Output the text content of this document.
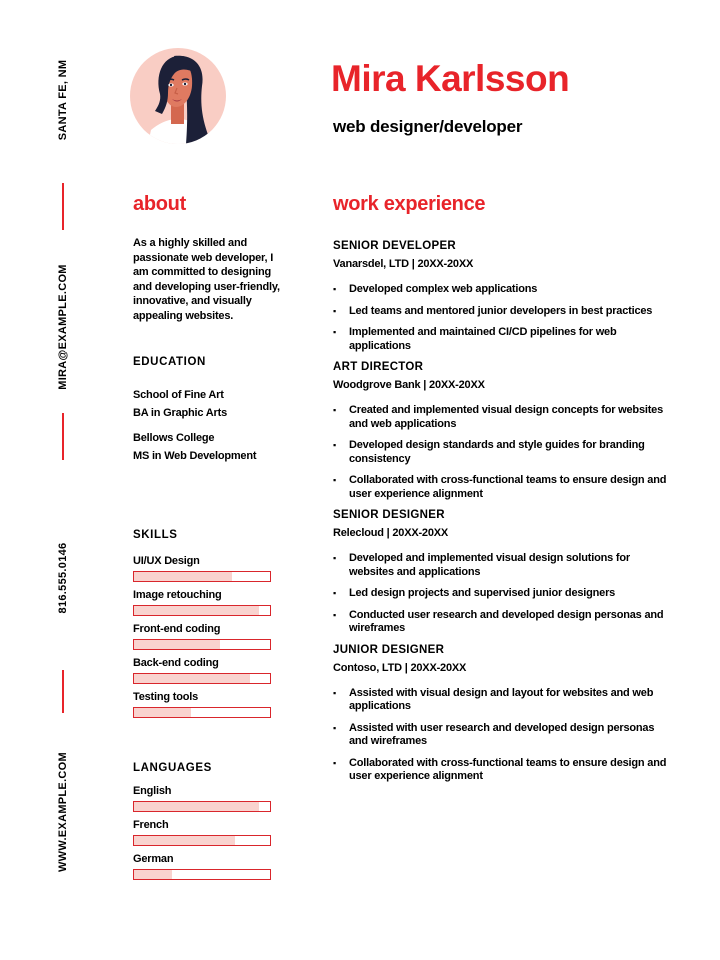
SANTA FE, NM
MIRA@EXAMPLE.COM
816.555.0146
WWW.EXAMPLE.COM
Mira Karlsson
web designer/developer
about

As a highly skilled and passionate web developer, I am committed to designing and developing user-friendly, innovative, and visually appealing websites.

EDUCATION
School of Fine Art
BA in Graphic Arts
Bellows College
MS in Web Development
SKILLS
UI/UX Design
Image retouching
Front-end coding
Back-end coding
Testing tools
LANGUAGES
English
French
German
work experience
SENIOR DEVELOPER
Vanarsdel, LTD | 20XX-20XX
▪ Developed complex web applications
▪ Led teams and mentored junior developers in best practices
▪ Implemented and maintained CI/CD pipelines for web applications
ART DIRECTOR
Woodgrove Bank | 20XX-20XX
▪ Created and implemented visual design concepts for websites and web applications
▪ Developed design standards and style guides for branding consistency
▪ Collaborated with cross-functional teams to ensure design and user experience alignment
SENIOR DESIGNER
Relecloud | 20XX-20XX
▪ Developed and implemented visual design solutions for websites and applications
▪ Led design projects and supervised junior designers
▪ Conducted user research and developed design personas and wireframes
JUNIOR DESIGNER
Contoso, LTD | 20XX-20XX
▪ Assisted with visual design and layout for websites and web applications
▪ Assisted with user research and developed design personas and wireframes
▪ Collaborated with cross-functional teams to ensure design and user experience alignment
